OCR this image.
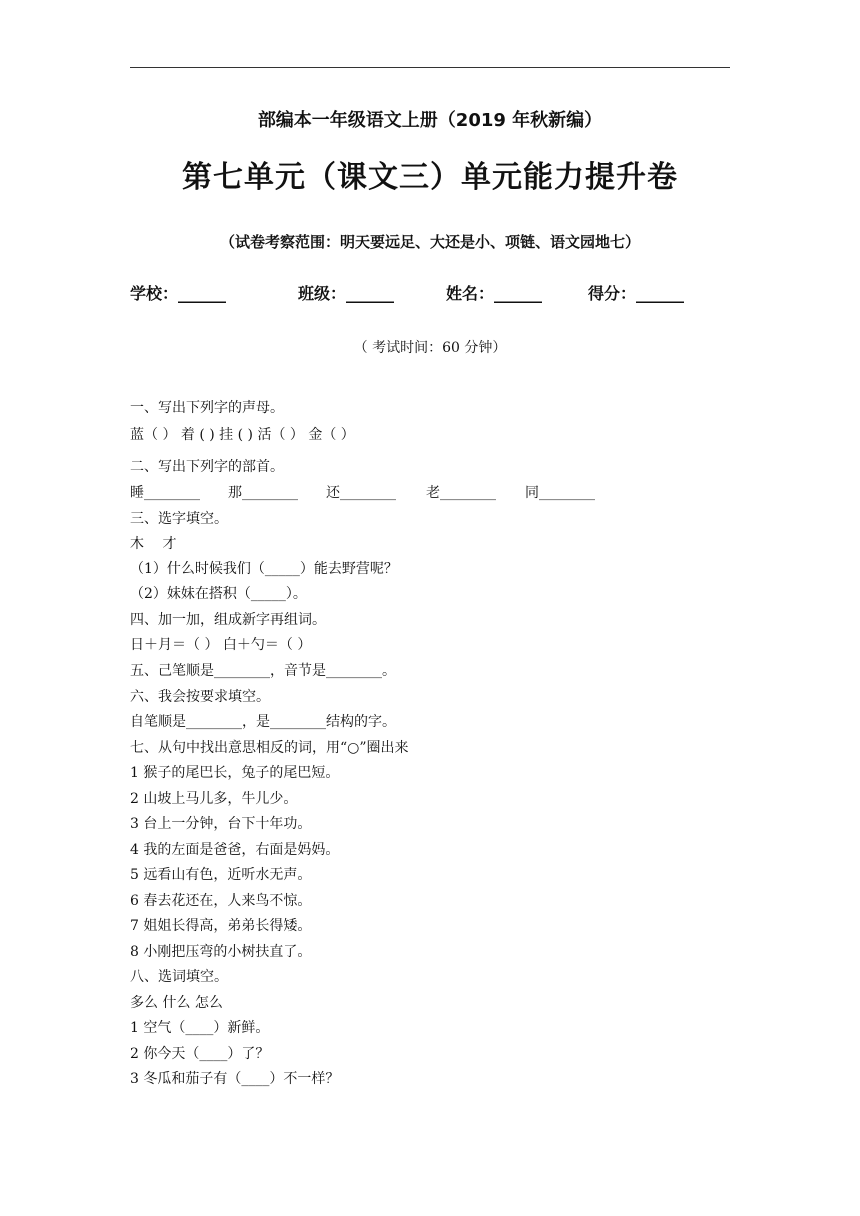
部编本一年级语文上册（2019 年秋新编）
第七单元（课文三）单元能力提升卷
（试卷考察范围：明天要远足、大还是小、项链、语文园地七）
学校：______	班级：______	姓名：______	得分：______
（ 考试时间：60 分钟）
一、写出下列字的声母。
蓝（ ） 着 ( ) 挂 ( ) 活（ ） 金（ ）
二、写出下列字的部首。
睡________ 那________ 还________ 老________ 同________
三、选字填空。
木　 才
（1）什么时候我们（_____）能去野营呢？
（2）妹妹在搭积（_____）。
四、加一加，组成新字再组词。
日＋月＝（ ） 白＋勺＝（ ）
五、己笔顺是________，音节是________。
六、我会按要求填空。
自笔顺是________，是________结构的字。
七、从句中找出意思相反的词，用“○”圈出来
1 猴子的尾巴长，兔子的尾巴短。
2 山坡上马儿多，牛儿少。
3 台上一分钟，台下十年功。
4 我的左面是爸爸，右面是妈妈。
5 远看山有色，近听水无声。
6 春去花还在，人来鸟不惊。
7 姐姐长得高，弟弟长得矮。
8 小刚把压弯的小树扶直了。
八、选词填空。
多么 什么 怎么
1 空气（____）新鲜。
2 你今天（____）了？
3 冬瓜和茄子有（____）不一样？
